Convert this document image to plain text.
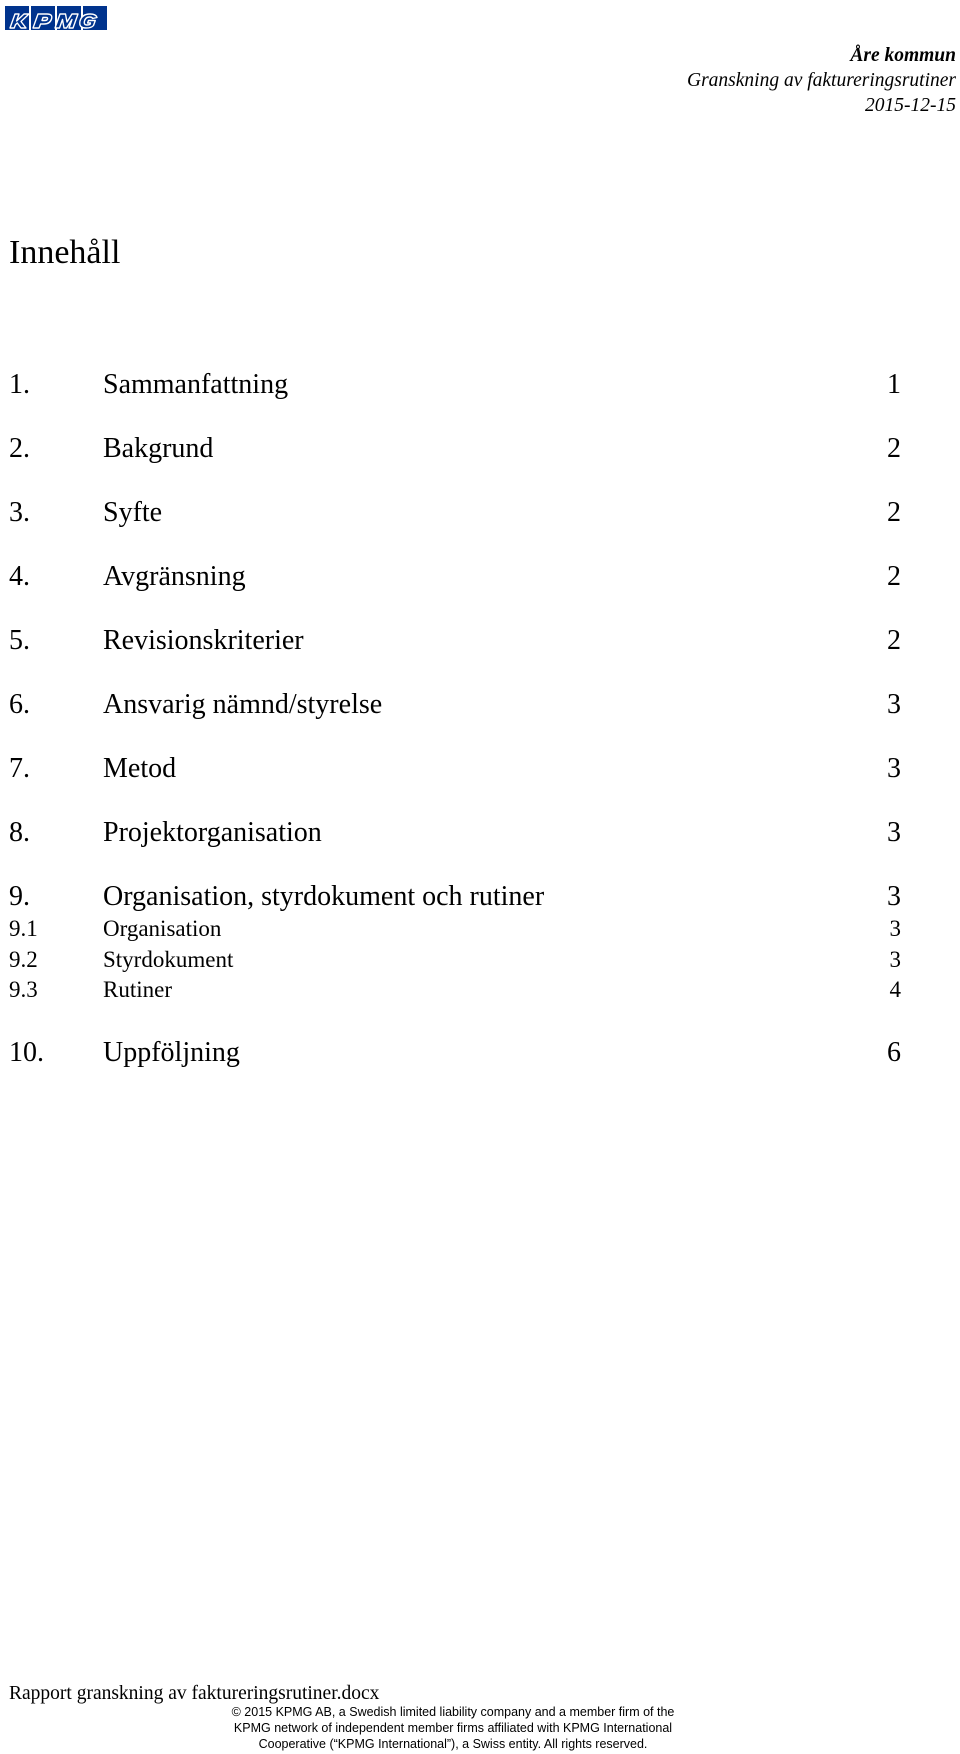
Åre kommun
Granskning av faktureringsrutiner
2015-12-15
Innehåll
1.	Sammanfattning	1
2.	Bakgrund	2
3.	Syfte	2
4.	Avgränsning	2
5.	Revisionskriterier	2
6.	Ansvarig nämnd/styrelse	3
7.	Metod	3
8.	Projektorganisation	3
9.	Organisation, styrdokument och rutiner	3
9.1	Organisation	3
9.2	Styrdokument	3
9.3	Rutiner	4
10.	Uppföljning	6
Rapport granskning av faktureringsrutiner.docx
© 2015 KPMG AB, a Swedish limited liability company and a member firm of the
KPMG network of independent member firms affiliated with KPMG International
Cooperative (“KPMG International”), a Swiss entity. All rights reserved.
